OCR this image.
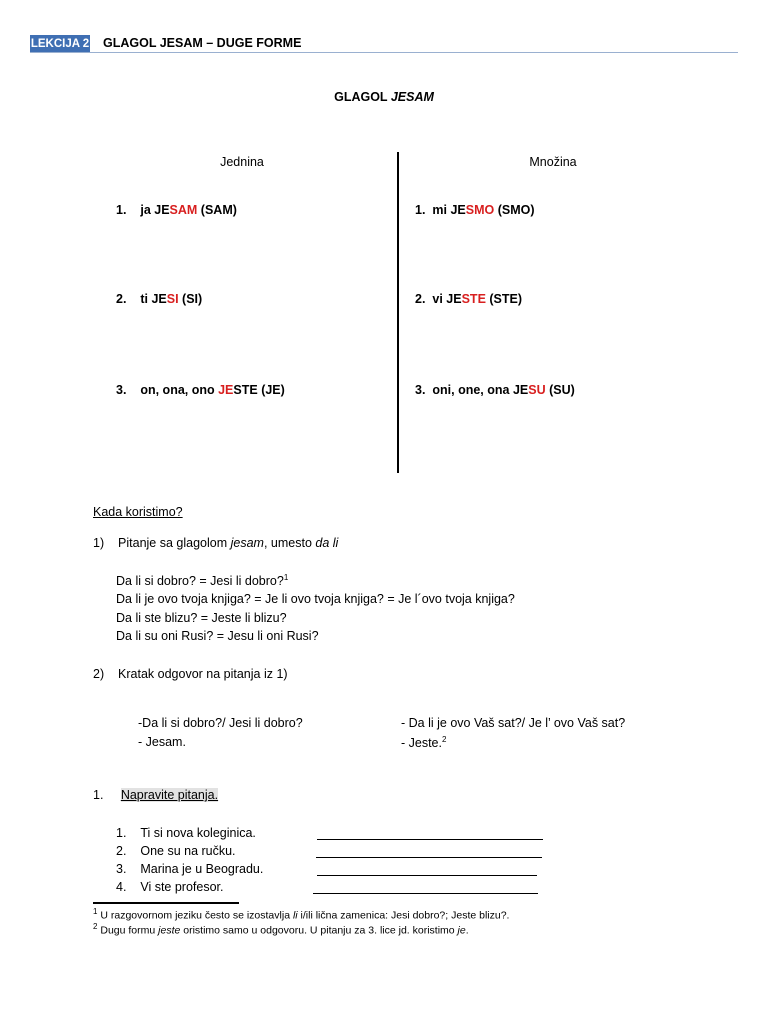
LEKCIJA 2 GLAGOL JESAM – DUGE FORME
GLAGOL JESAM
Jednina	Množina
1. ja JESAM (SAM)
2. ti JESI (SI)
3. on, ona, ono JESTE (JE)
1. mi JESMO (SMO)
2. vi JESTE (STE)
3. oni, one, ona JESU (SU)
Kada koristimo?
1) Pitanje sa glagolom jesam, umesto da li
Da li si dobro? = Jesi li dobro?$^1$
Da li je ovo tvoja knjiga? = Je li ovo tvoja knjiga? = Je l´ovo tvoja knjiga?
Da li ste blizu? = Jeste li blizu?
Da li su oni Rusi? = Jesu li oni Rusi?
2) Kratak odgovor na pitanja iz 1)
-Da li si dobro?/ Jesi li dobro?
- Jesam.
- Da li je ovo Vaš sat?/ Je l’ ovo Vaš sat?
- Jeste.$^2$
1. Napravite pitanja.
1. Ti si nova koleginica.
2. One su na ručku.
3. Marina je u Beogradu.
4. Vi ste profesor.
$^1$ U razgovornom jeziku često se izostavlja li i/ili lična zamenica: Jesi dobro?; Jeste blizu?.
$^2$ Dugu formu jeste oristimo samo u odgovoru. U pitanju za 3. lice jd. koristimo je.
